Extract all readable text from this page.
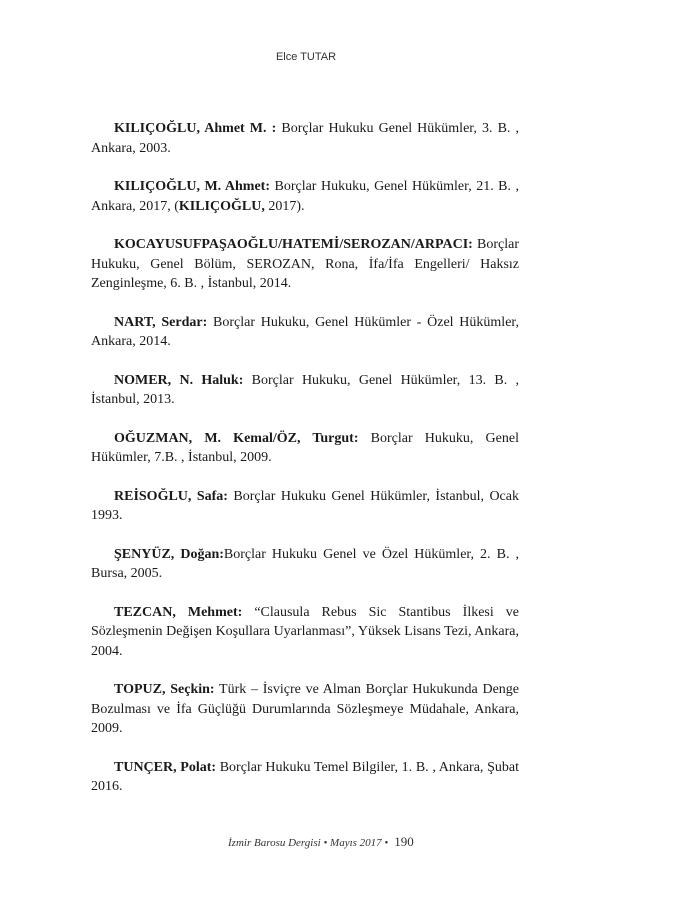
Elce TUTAR

KILIÇOĞLU, Ahmet M. : Borçlar Hukuku Genel Hükümler, 3. B. , Ankara, 2003.

KILIÇOĞLU, M. Ahmet: Borçlar Hukuku, Genel Hükümler, 21. B. , Ankara, 2017, (KILIÇOĞLU, 2017).

KOCAYUSUFPAŞAOĞLU/HATEMİ/SEROZAN/ARPACI: Borçlar Hukuku, Genel Bölüm, SEROZAN, Rona, İfa/İfa Engelleri/ Haksız Zenginleşme, 6. B. , İstanbul, 2014.

NART, Serdar: Borçlar Hukuku, Genel Hükümler - Özel Hükümler, Ankara, 2014.

NOMER, N. Haluk: Borçlar Hukuku, Genel Hükümler, 13. B. , İstanbul, 2013.

OĞUZMAN, M. Kemal/ÖZ, Turgut: Borçlar Hukuku, Genel Hükümler, 7.B. , İstanbul, 2009.

REİSOĞLU, Safa: Borçlar Hukuku Genel Hükümler, İstanbul, Ocak 1993.

ŞENYÜZ, Doğan:Borçlar Hukuku Genel ve Özel Hükümler, 2. B. , Bursa, 2005.

TEZCAN, Mehmet: “Clausula Rebus Sic Stantibus İlkesi ve Sözleşmenin Değişen Koşullara Uyarlanması”, Yüksek Lisans Tezi, Ankara, 2004.

TOPUZ, Seçkin: Türk – İsviçre ve Alman Borçlar Hukukunda Denge Bozulması ve İfa Güçlüğü Durumlarında Sözleşmeye Müdahale, Ankara, 2009.

TUNÇER, Polat: Borçlar Hukuku Temel Bilgiler, 1. B. , Ankara, Şubat 2016.

İzmir Barosu Dergisi • Mayıs 2017 • 190
